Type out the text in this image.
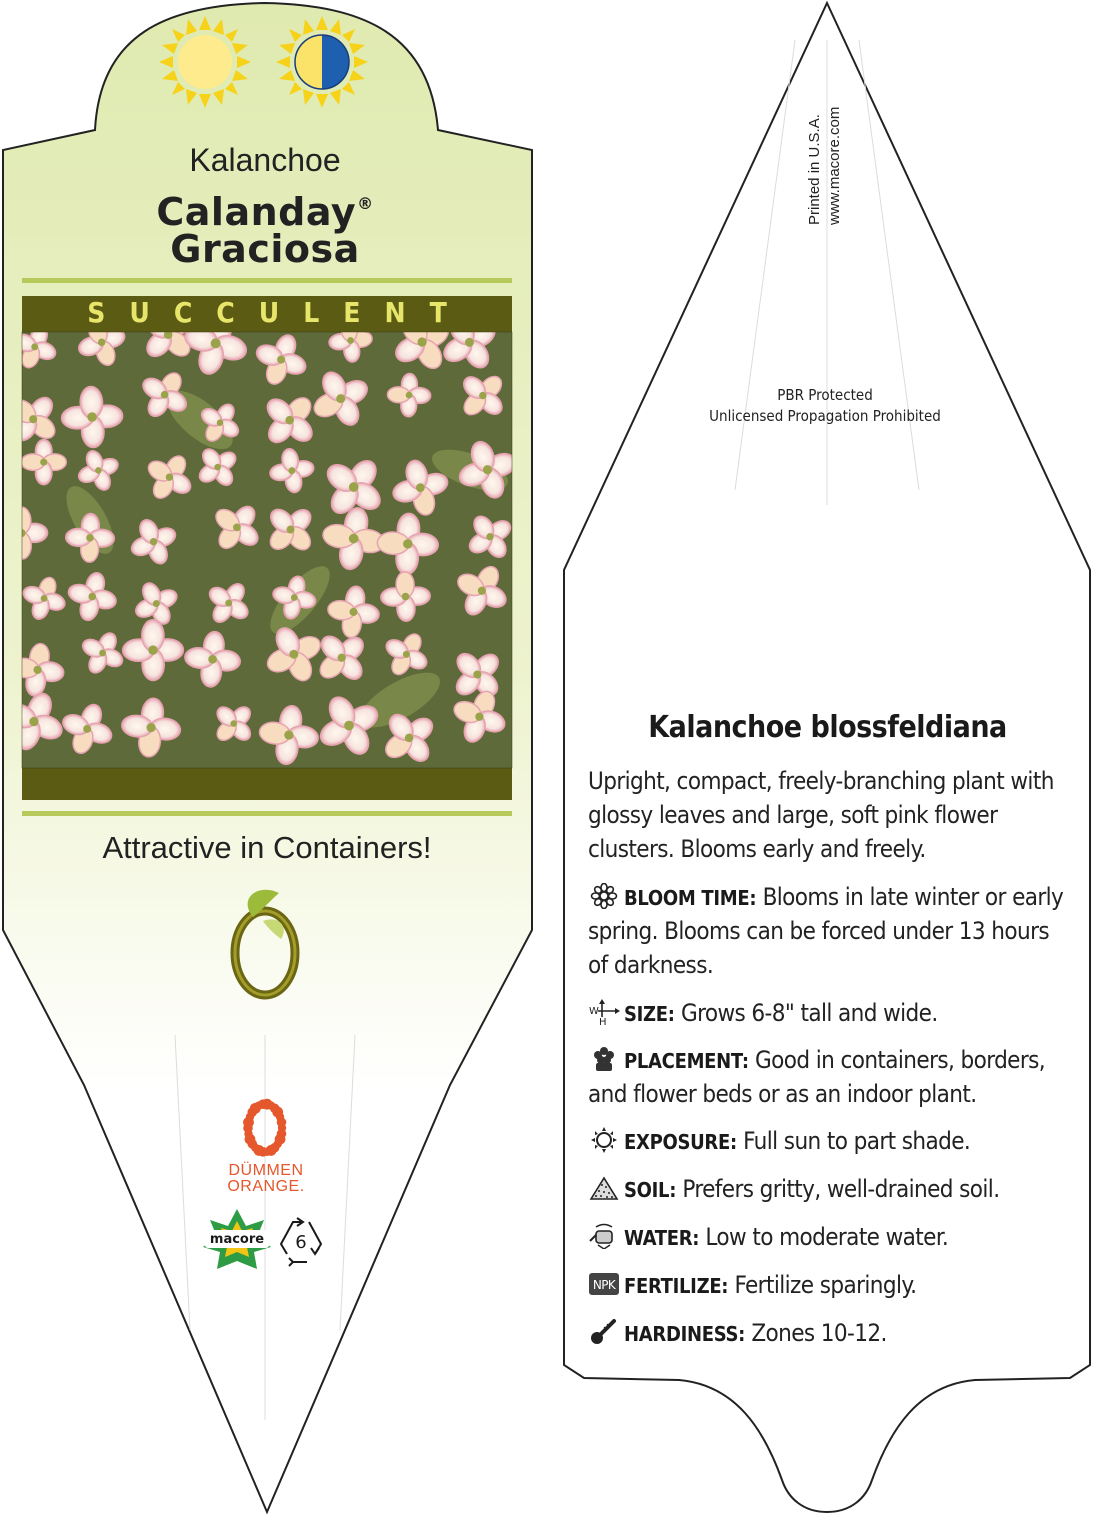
Kalanchoe
Calanday®
Graciosa
SUCCULENT
Attractive in Containers!
DÜMMEN
ORANGE.
macore	6
Printed in U.S.A. www.macore.com
PBR Protected
Unlicensed Propagation Prohibited
Kalanchoe blossfeldiana
Upright, compact, freely-branching plant with glossy leaves and large, soft pink flower clusters. Blooms early and freely.
BLOOM TIME: Blooms in late winter or early spring. Blooms can be forced under 13 hours of darkness.
W
H SIZE: Grows 6-8" tall and wide.
PLACEMENT: Good in containers, borders, and flower beds or as an indoor plant.
EXPOSURE: Full sun to part shade.
SOIL: Prefers gritty, well-drained soil.
WATER: Low to moderate water.
NPK FERTILIZE: Fertilize sparingly.
HARDINESS: Zones 10-12.
